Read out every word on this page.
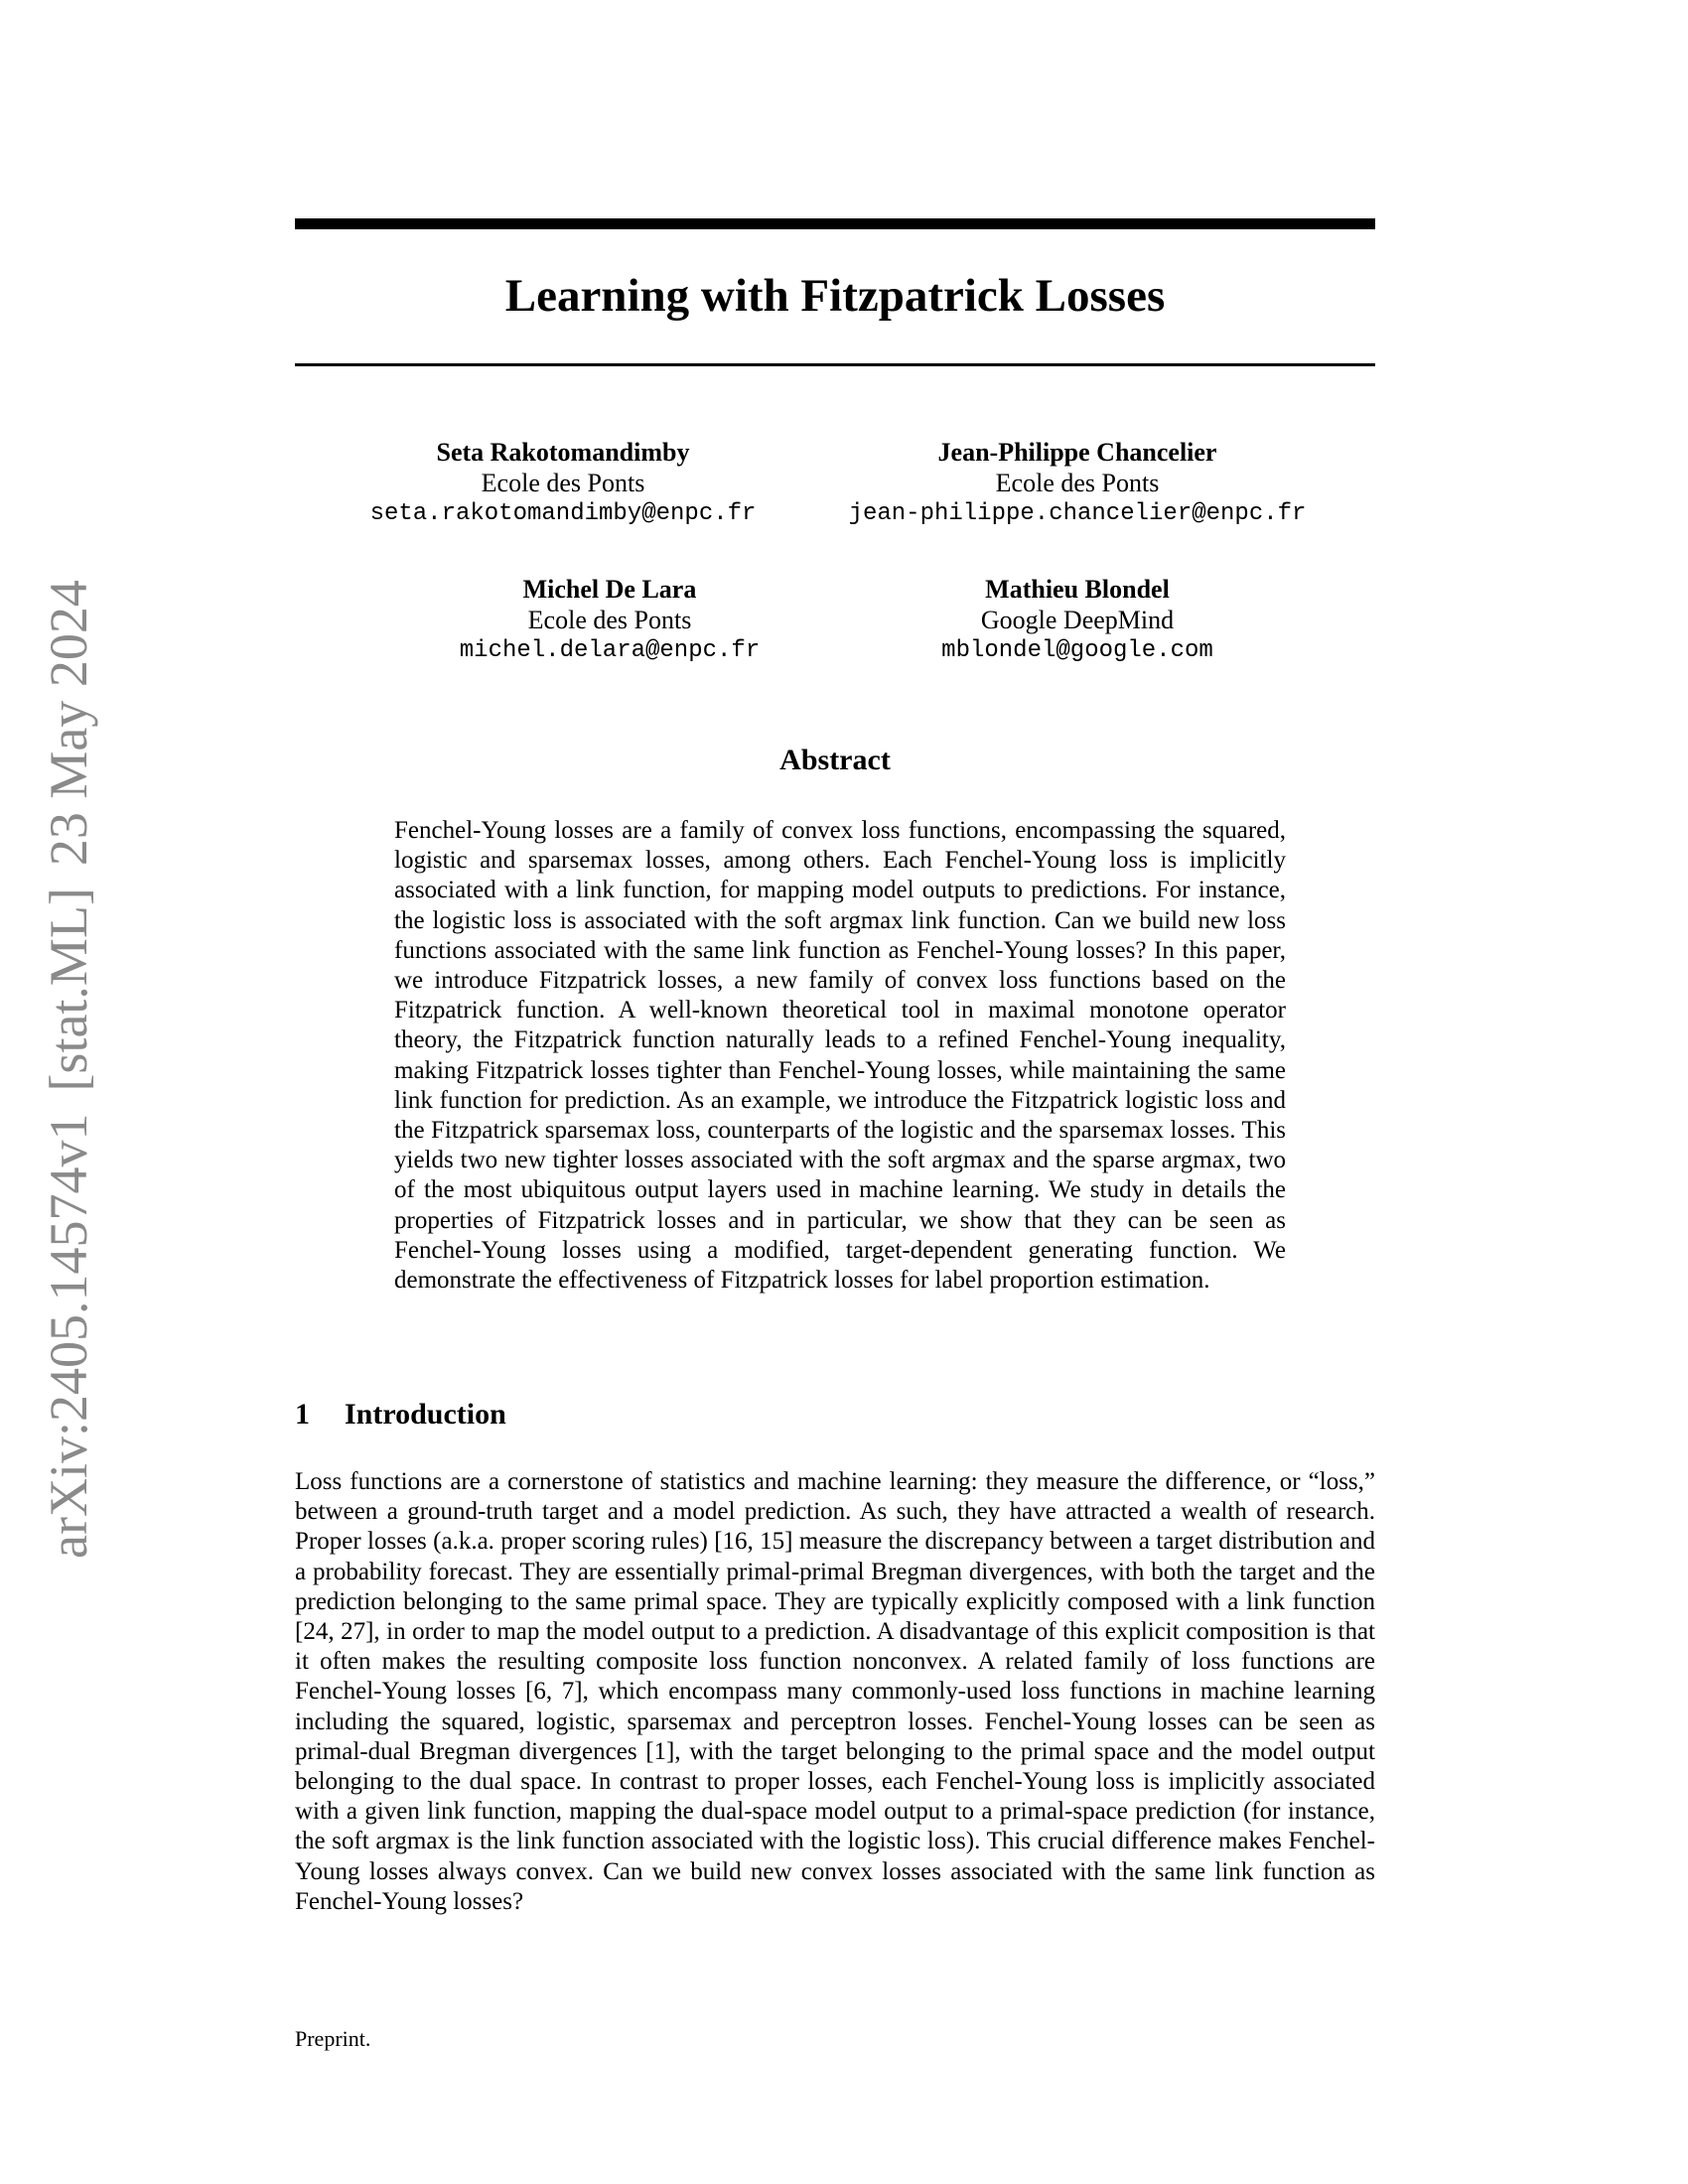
arXiv:2405.14574v1[stat.ML]23 May 2024
Learning with Fitzpatrick Losses
Seta Rakotomandimby
Ecole des Ponts
seta.rakotomandimby@enpc.fr
Jean-Philippe Chancelier
Ecole des Ponts
jean-philippe.chancelier@enpc.fr
Michel De Lara
Ecole des Ponts
michel.delara@enpc.fr
Mathieu Blondel
Google DeepMind
mblondel@google.com
Abstract

Fenchel-Young losses are a family of convex loss functions, encompassing the squared, logistic and sparsemax losses, among others. Each Fenchel-Young loss is implicitly associated with a link function, for mapping model outputs to predictions. For instance, the logistic loss is associated with the soft argmax link function. Can we build new loss functions associated with the same link function as Fenchel-Young losses? In this paper, we introduce Fitzpatrick losses, a new family of convex loss functions based on the Fitzpatrick function. A well-known theoretical tool in maximal monotone operator theory, the Fitzpatrick function naturally leads to a refined Fenchel-Young inequality, making Fitzpatrick losses tighter than Fenchel-Young losses, while maintaining the same link function for prediction. As an example, we introduce the Fitzpatrick logistic loss and the Fitzpatrick sparsemax loss, counterparts of the logistic and the sparsemax losses. This yields two new tighter losses associated with the soft argmax and the sparse argmax, two of the most ubiquitous output layers used in machine learning. We study in details the properties of Fitzpatrick losses and in particular, we show that they can be seen as Fenchel-Young losses using a modified, target-dependent generating function. We demonstrate the effectiveness of Fitzpatrick losses for label proportion estimation.

1 Introduction

Loss functions are a cornerstone of statistics and machine learning: they measure the difference, or “loss,” between a ground-truth target and a model prediction. As such, they have attracted a wealth of research. Proper losses (a.k.a. proper scoring rules) [16, 15] measure the discrepancy between a target distribution and a probability forecast. They are essentially primal-primal Bregman divergences, with both the target and the prediction belonging to the same primal space. They are typically explicitly composed with a link function [24, 27], in order to map the model output to a prediction. A disadvantage of this explicit composition is that it often makes the resulting composite loss function nonconvex. A related family of loss functions are Fenchel-Young losses [6, 7], which encompass many commonly-used loss functions in machine learning including the squared, logistic, sparsemax and perceptron losses. Fenchel-Young losses can be seen as primal-dual Bregman divergences [1], with the target belonging to the primal space and the model output belonging to the dual space. In contrast to proper losses, each Fenchel-Young loss is implicitly associated with a given link function, mapping the dual-space model output to a primal-space prediction (for instance, the soft argmax is the link function associated with the logistic loss). This crucial difference makes Fenchel-Young losses always convex. Can we build new convex losses associated with the same link function as Fenchel-Young losses?

Preprint.
